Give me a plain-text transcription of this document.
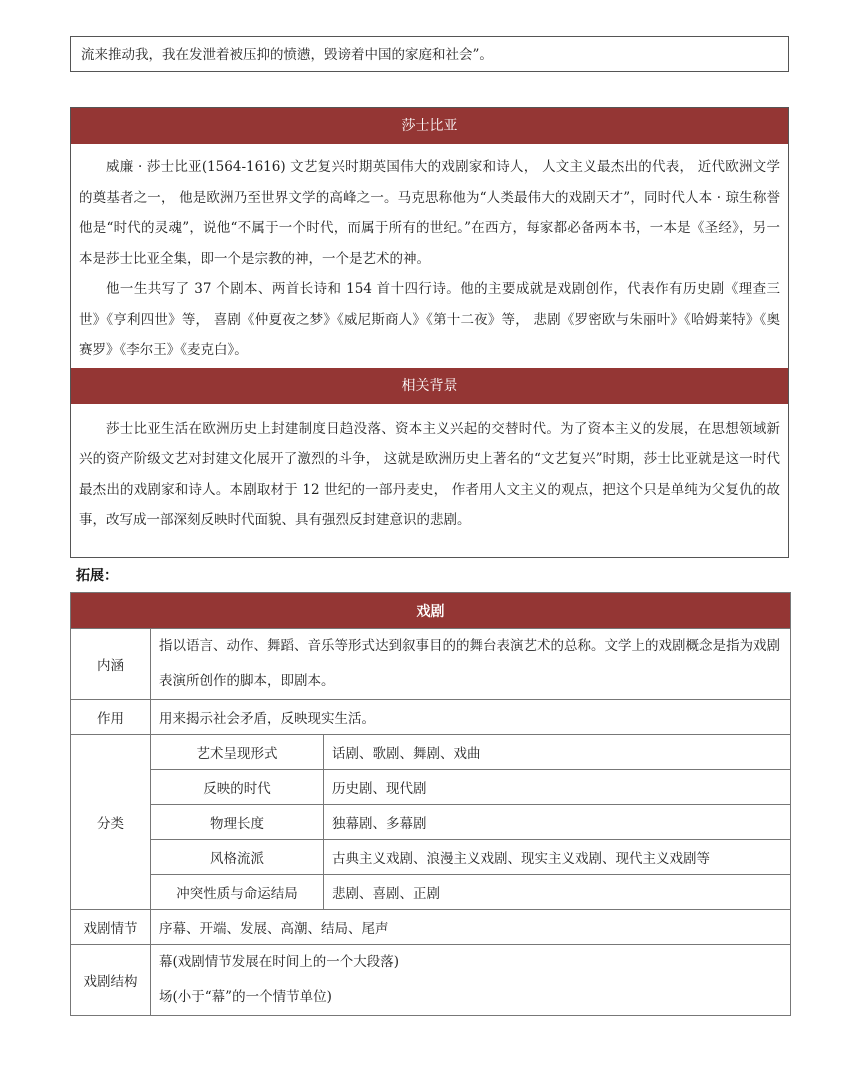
流来推动我，我在发泄着被压抑的愤懑，毁谤着中国的家庭和社会”。
莎士比亚

威廉 · 莎士比亚(1564-1616) 文艺复兴时期英国伟大的戏剧家和诗人， 人文主义最杰出的代表， 近代欧洲文学的奠基者之一， 他是欧洲乃至世界文学的高峰之一。马克思称他为“人类最伟大的戏剧天才”，同时代人本 · 琼生称誉他是“时代的灵魂”，说他“不属于一个时代，而属于所有的世纪。”在西方，每家都必备两本书，一本是《圣经》，另一本是莎士比亚全集，即一个是宗教的神，一个是艺术的神。

他一生共写了 37 个剧本、两首长诗和 154 首十四行诗。他的主要成就是戏剧创作，代表作有历史剧《理查三世》《亨利四世》等， 喜剧《仲夏夜之梦》《威尼斯商人》《第十二夜》等， 悲剧《罗密欧与朱丽叶》《哈姆莱特》《奥赛罗》《李尔王》《麦克白》。

相关背景

莎士比亚生活在欧洲历史上封建制度日趋没落、资本主义兴起的交替时代。为了资本主义的发展，在思想领域新兴的资产阶级文艺对封建文化展开了激烈的斗争， 这就是欧洲历史上著名的“文艺复兴”时期，莎士比亚就是这一时代最杰出的戏剧家和诗人。本剧取材于 12 世纪的一部丹麦史， 作者用人文主义的观点，把这个只是单纯为父复仇的故事，改写成一部深刻反映时代面貌、具有强烈反封建意识的悲剧。

拓展：
戏剧		
内涵	指以语言、动作、舞蹈、音乐等形式达到叙事目的的舞台表演艺术的总称。文学上的戏剧概念是指为戏剧表演所创作的脚本，即剧本。	
作用	用来揭示社会矛盾，反映现实生活。	
分类	艺术呈现形式	话剧、歌剧、舞剧、戏曲
	反映的时代	历史剧、现代剧
	物理长度	独幕剧、多幕剧
	风格流派	古典主义戏剧、浪漫主义戏剧、现实主义戏剧、现代主义戏剧等
	冲突性质与命运结局	悲剧、喜剧、正剧
戏剧情节	序幕、开端、发展、高潮、结局、尾声	
戏剧结构	幕(戏剧情节发展在时间上的一个大段落)
场(小于“幕”的一个情节单位)	
